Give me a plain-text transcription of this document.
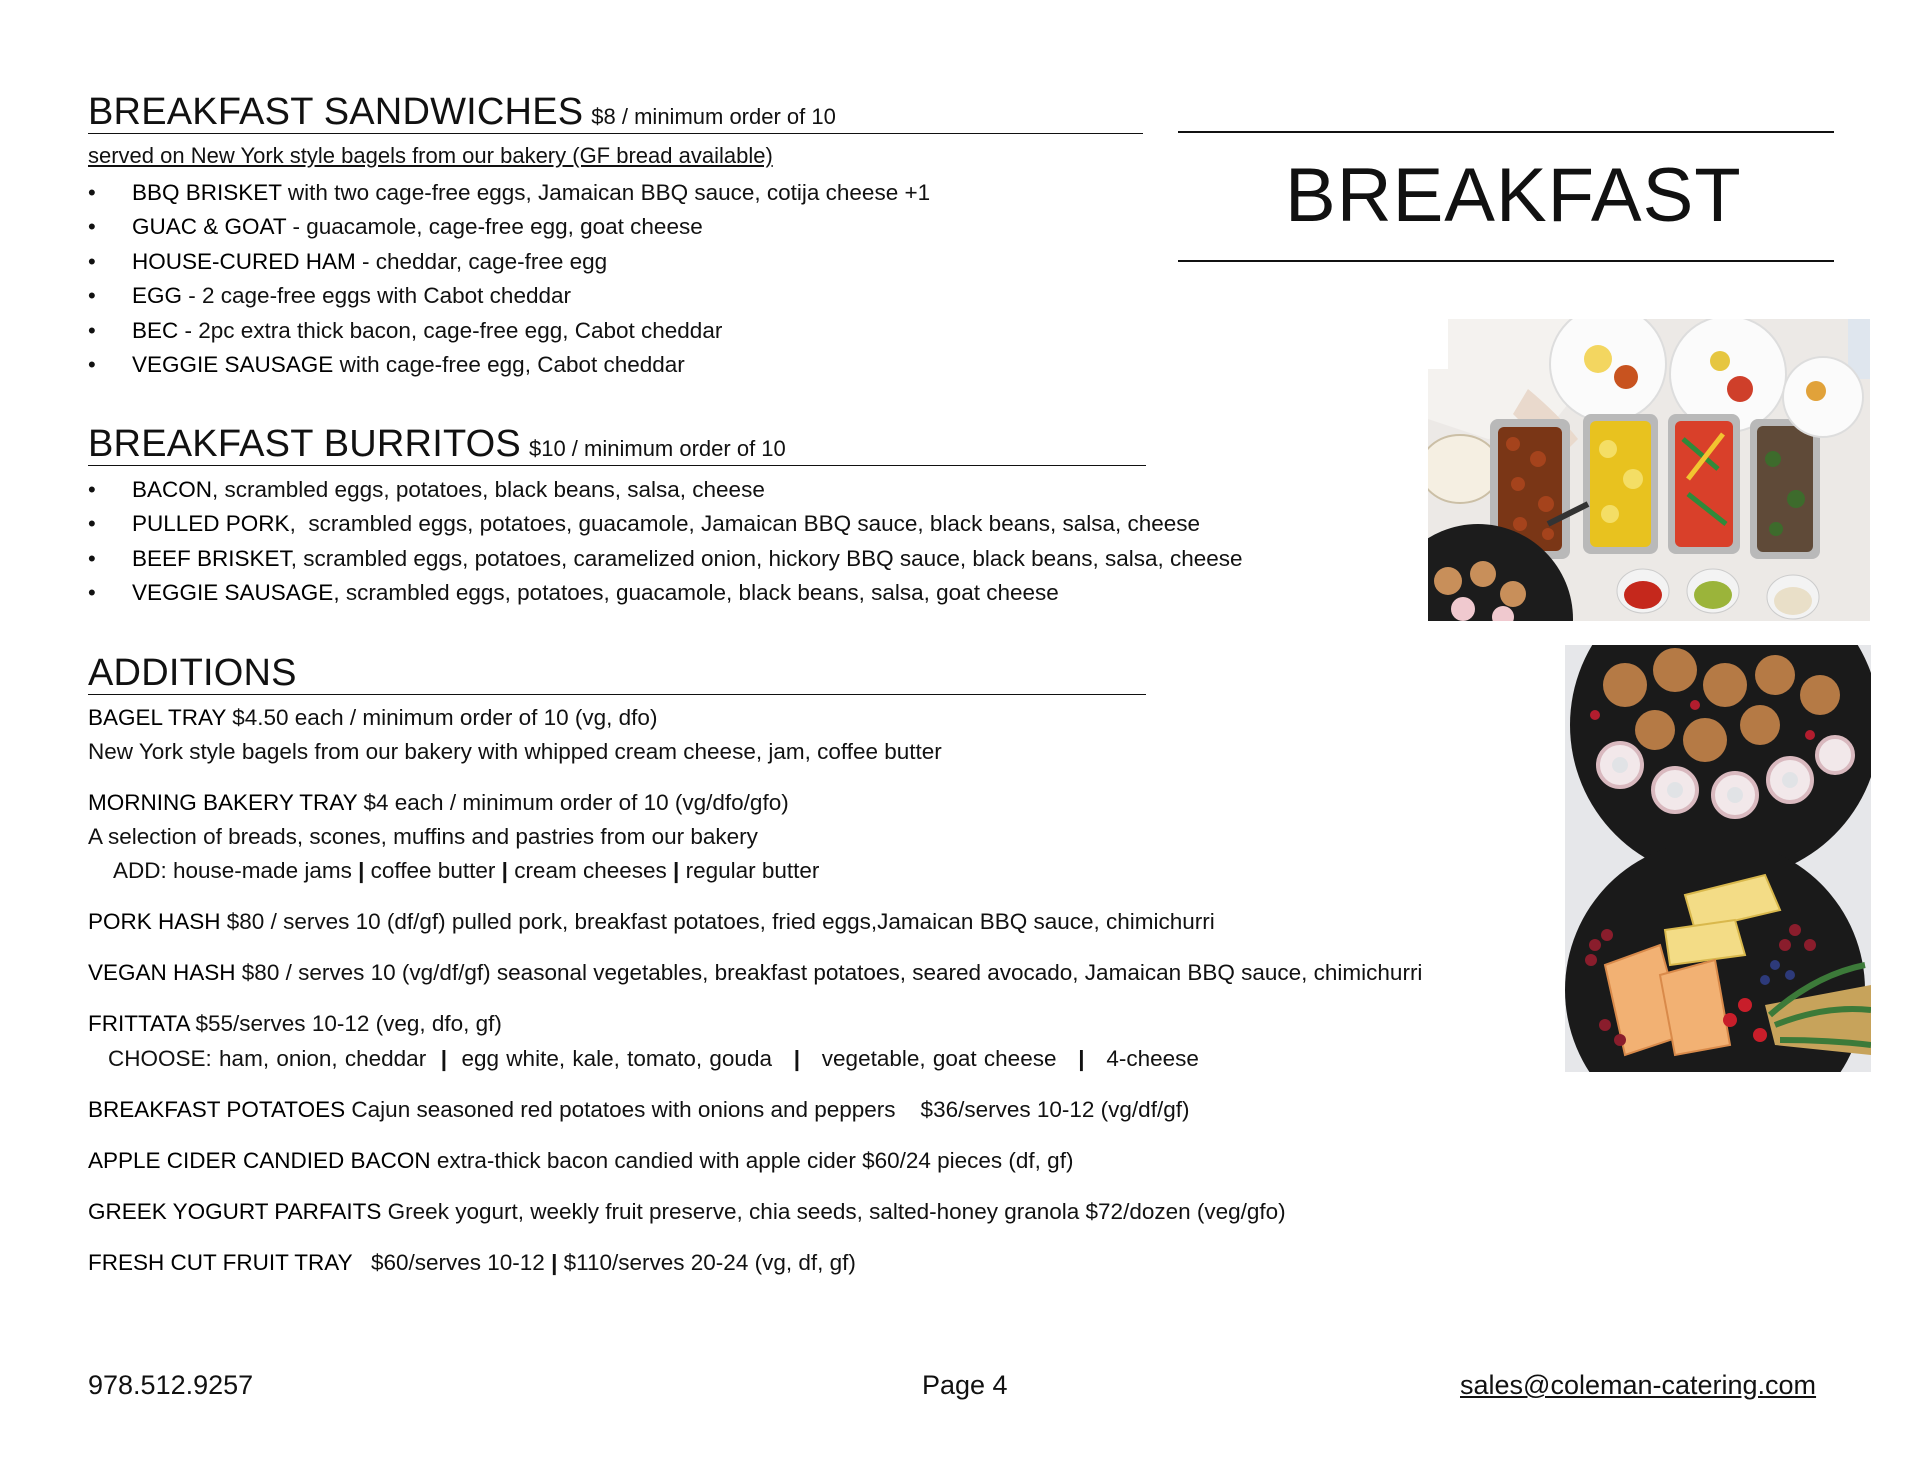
BREAKFAST SANDWICHES $8 / minimum order of 10
served on New York style bagels from our bakery (GF bread available)
• BBQ BRISKET with two cage-free eggs, Jamaican BBQ sauce, cotija cheese +1
• GUAC & GOAT - guacamole, cage-free egg, goat cheese
• HOUSE-CURED HAM - cheddar, cage-free egg
• EGG - 2 cage-free eggs with Cabot cheddar
• BEC - 2pc extra thick bacon, cage-free egg, Cabot cheddar
• VEGGIE SAUSAGE with cage-free egg, Cabot cheddar
BREAKFAST BURRITOS $10 / minimum order of 10
• BACON, scrambled eggs, potatoes, black beans, salsa, cheese
• PULLED PORK,  scrambled eggs, potatoes, guacamole, Jamaican BBQ sauce, black beans, salsa, cheese
• BEEF BRISKET, scrambled eggs, potatoes, caramelized onion, hickory BBQ sauce, black beans, salsa, cheese
• VEGGIE SAUSAGE, scrambled eggs, potatoes, guacamole, black beans, salsa, goat cheese
ADDITIONS
BAGEL TRAY $4.50 each / minimum order of 10 (vg, dfo)
New York style bagels from our bakery with whipped cream cheese, jam, coffee butter
MORNING BAKERY TRAY $4 each / minimum order of 10 (vg/dfo/gfo)
A selection of breads, scones, muffins and pastries from our bakery
ADD: house-made jams | coffee butter | cream cheeses | regular butter
PORK HASH $80 / serves 10 (df/gf) pulled pork, breakfast potatoes, fried eggs,Jamaican BBQ sauce, chimichurri
VEGAN HASH $80 / serves 10 (vg/df/gf) seasonal vegetables, breakfast potatoes, seared avocado, Jamaican BBQ sauce, chimichurri
FRITTATA $55/serves 10-12 (veg, dfo, gf)
CHOOSE: ham, onion, cheddar | egg white, kale, tomato, gouda | vegetable, goat cheese | 4-cheese
BREAKFAST POTATOES Cajun seasoned red potatoes with onions and peppers    $36/serves 10-12 (vg/df/gf)
APPLE CIDER CANDIED BACON extra-thick bacon candied with apple cider $60/24 pieces (df, gf)
GREEK YOGURT PARFAITS Greek yogurt, weekly fruit preserve, chia seeds, salted-honey granola $72/dozen (veg/gfo)
FRESH CUT FRUIT TRAY   $60/serves 10-12 | $110/serves 20-24 (vg, df, gf)
BREAKFAST
978.512.9257	Page 4	sales@coleman-catering.com
